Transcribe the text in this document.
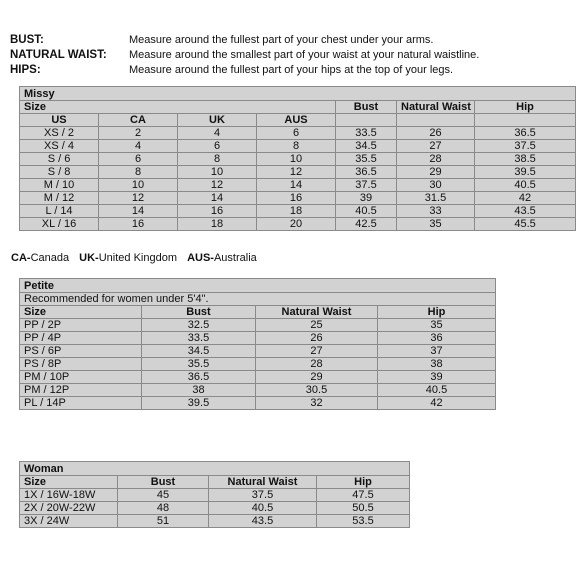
BUST:	Measure around the fullest part of your chest under your arms.
NATURAL WAIST:	Measure around the smallest part of your waist at your natural waistline.
HIPS:	Measure around the fullest part of your hips at the top of your legs.
Missy						
Size				Bust	Natural Waist	Hip
US	CA	UK	AUS			
XS / 2	2	4	6	33.5	26	36.5
XS / 4	4	6	8	34.5	27	37.5
S / 6	6	8	10	35.5	28	38.5
S / 8	8	10	12	36.5	29	39.5
M / 10	10	12	14	37.5	30	40.5
M / 12	12	14	16	39	31.5	42
L / 14	14	16	18	40.5	33	43.5
XL / 16	16	18	20	42.5	35	45.5
CA-Canada UK-United Kingdom AUS-Australia
Petite			
Recommended for women under 5'4".			
Size	Bust	Natural Waist	Hip
PP / 2P	32.5	25	35
PP / 4P	33.5	26	36
PS / 6P	34.5	27	37
PS / 8P	35.5	28	38
PM / 10P	36.5	29	39
PM / 12P	38	30.5	40.5
PL / 14P	39.5	32	42
Woman			
Size	Bust	Natural Waist	Hip
1X / 16W-18W	45	37.5	47.5
2X / 20W-22W	48	40.5	50.5
3X / 24W	51	43.5	53.5
